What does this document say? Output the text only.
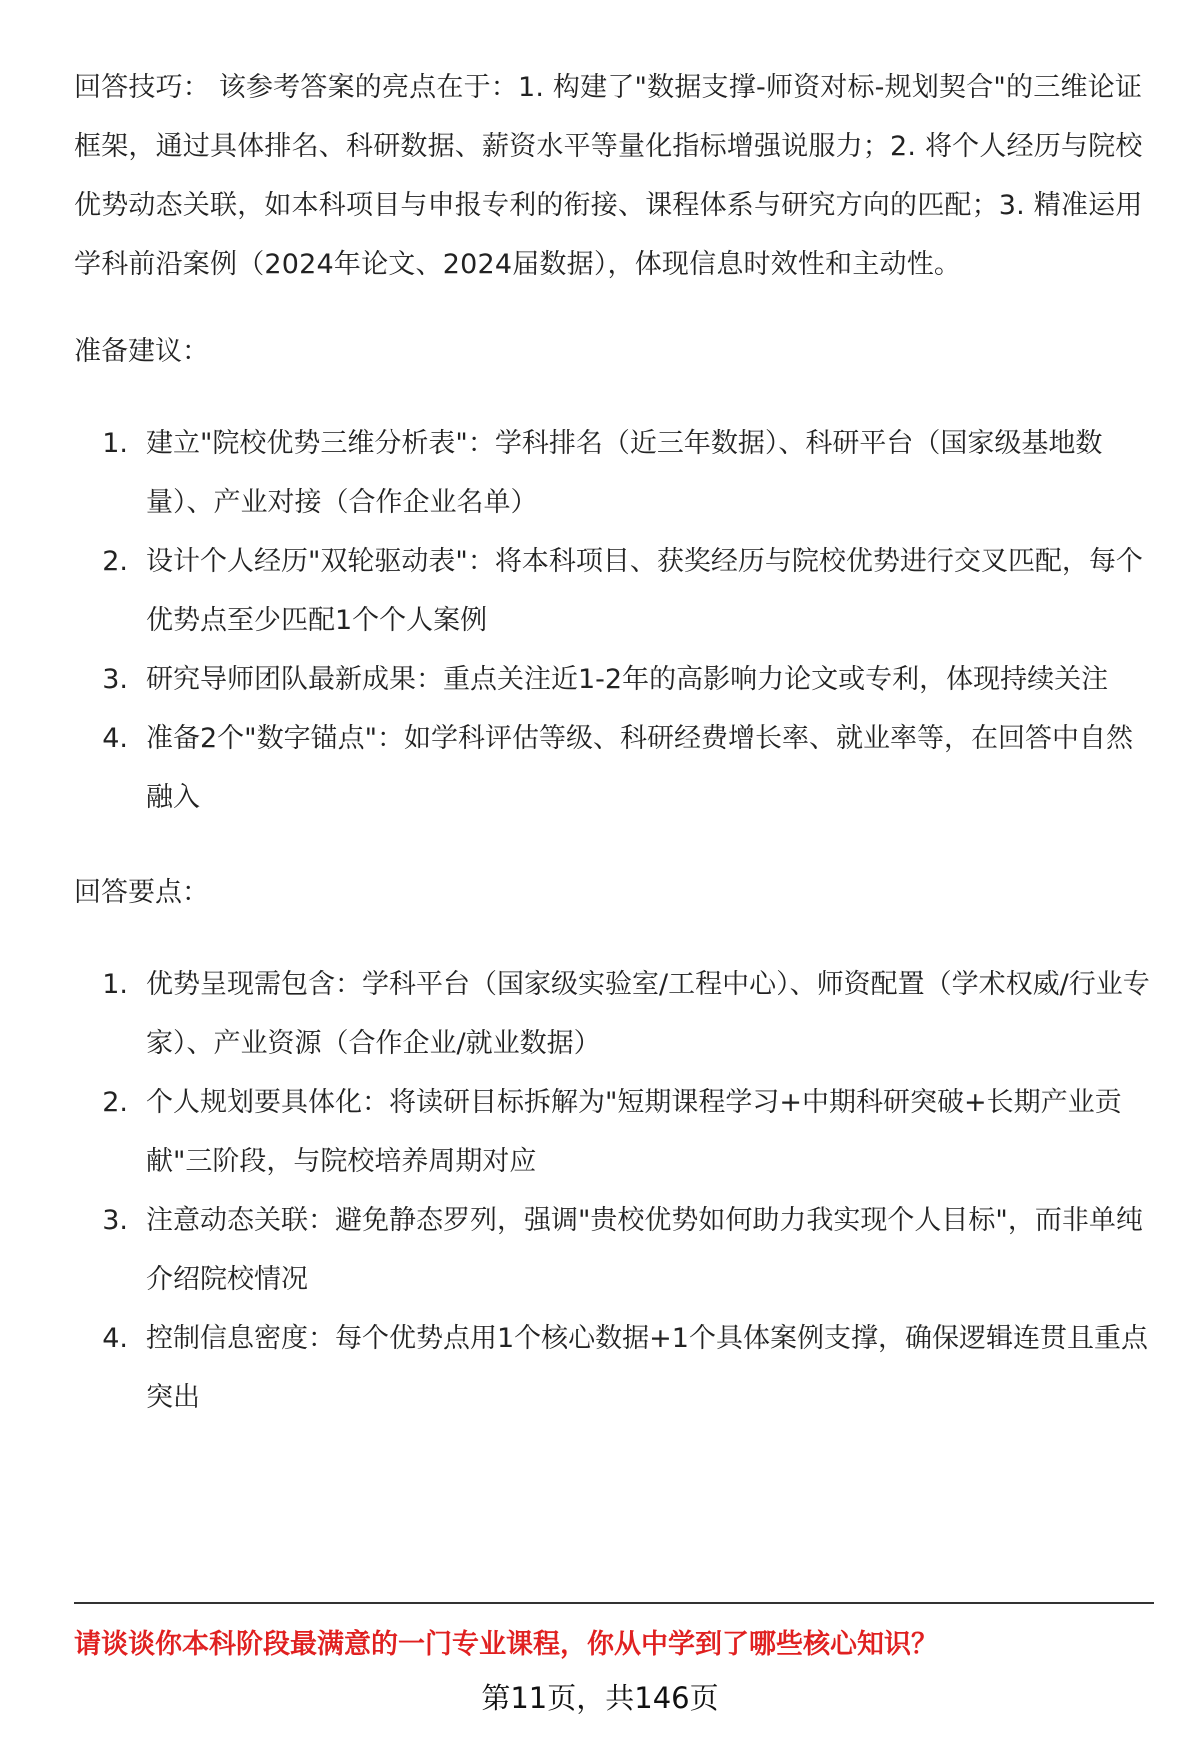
回答技巧： 该参考答案的亮点在于：1. 构建了"数据支撑-师资对标-规划契合"的三维论证框架，通过具体排名、科研数据、薪资水平等量化指标增强说服力；2. 将个人经历与院校优势动态关联，如本科项目与申报专利的衔接、课程体系与研究方向的匹配；3. 精准运用学科前沿案例（2024年论文、2024届数据），体现信息时效性和主动性。

准备建议：

1. 建立"院校优势三维分析表"：学科排名（近三年数据）、科研平台（国家级基地数量）、产业对接（合作企业名单）
2. 设计个人经历"双轮驱动表"：将本科项目、获奖经历与院校优势进行交叉匹配，每个优势点至少匹配1个个人案例
3. 研究导师团队最新成果：重点关注近1-2年的高影响力论文或专利，体现持续关注
4. 准备2个"数字锚点"：如学科评估等级、科研经费增长率、就业率等，在回答中自然融入

回答要点：

1. 优势呈现需包含：学科平台（国家级实验室/工程中心）、师资配置（学术权威/行业专家）、产业资源（合作企业/就业数据）
2. 个人规划要具体化：将读研目标拆解为"短期课程学习+中期科研突破+长期产业贡献"三阶段，与院校培养周期对应
3. 注意动态关联：避免静态罗列，强调"贵校优势如何助力我实现个人目标"，而非单纯介绍院校情况
4. 控制信息密度：每个优势点用1个核心数据+1个具体案例支撑，确保逻辑连贯且重点突出

请谈谈你本科阶段最满意的一门专业课程，你从中学到了哪些核心知识？

第11页，共146页
